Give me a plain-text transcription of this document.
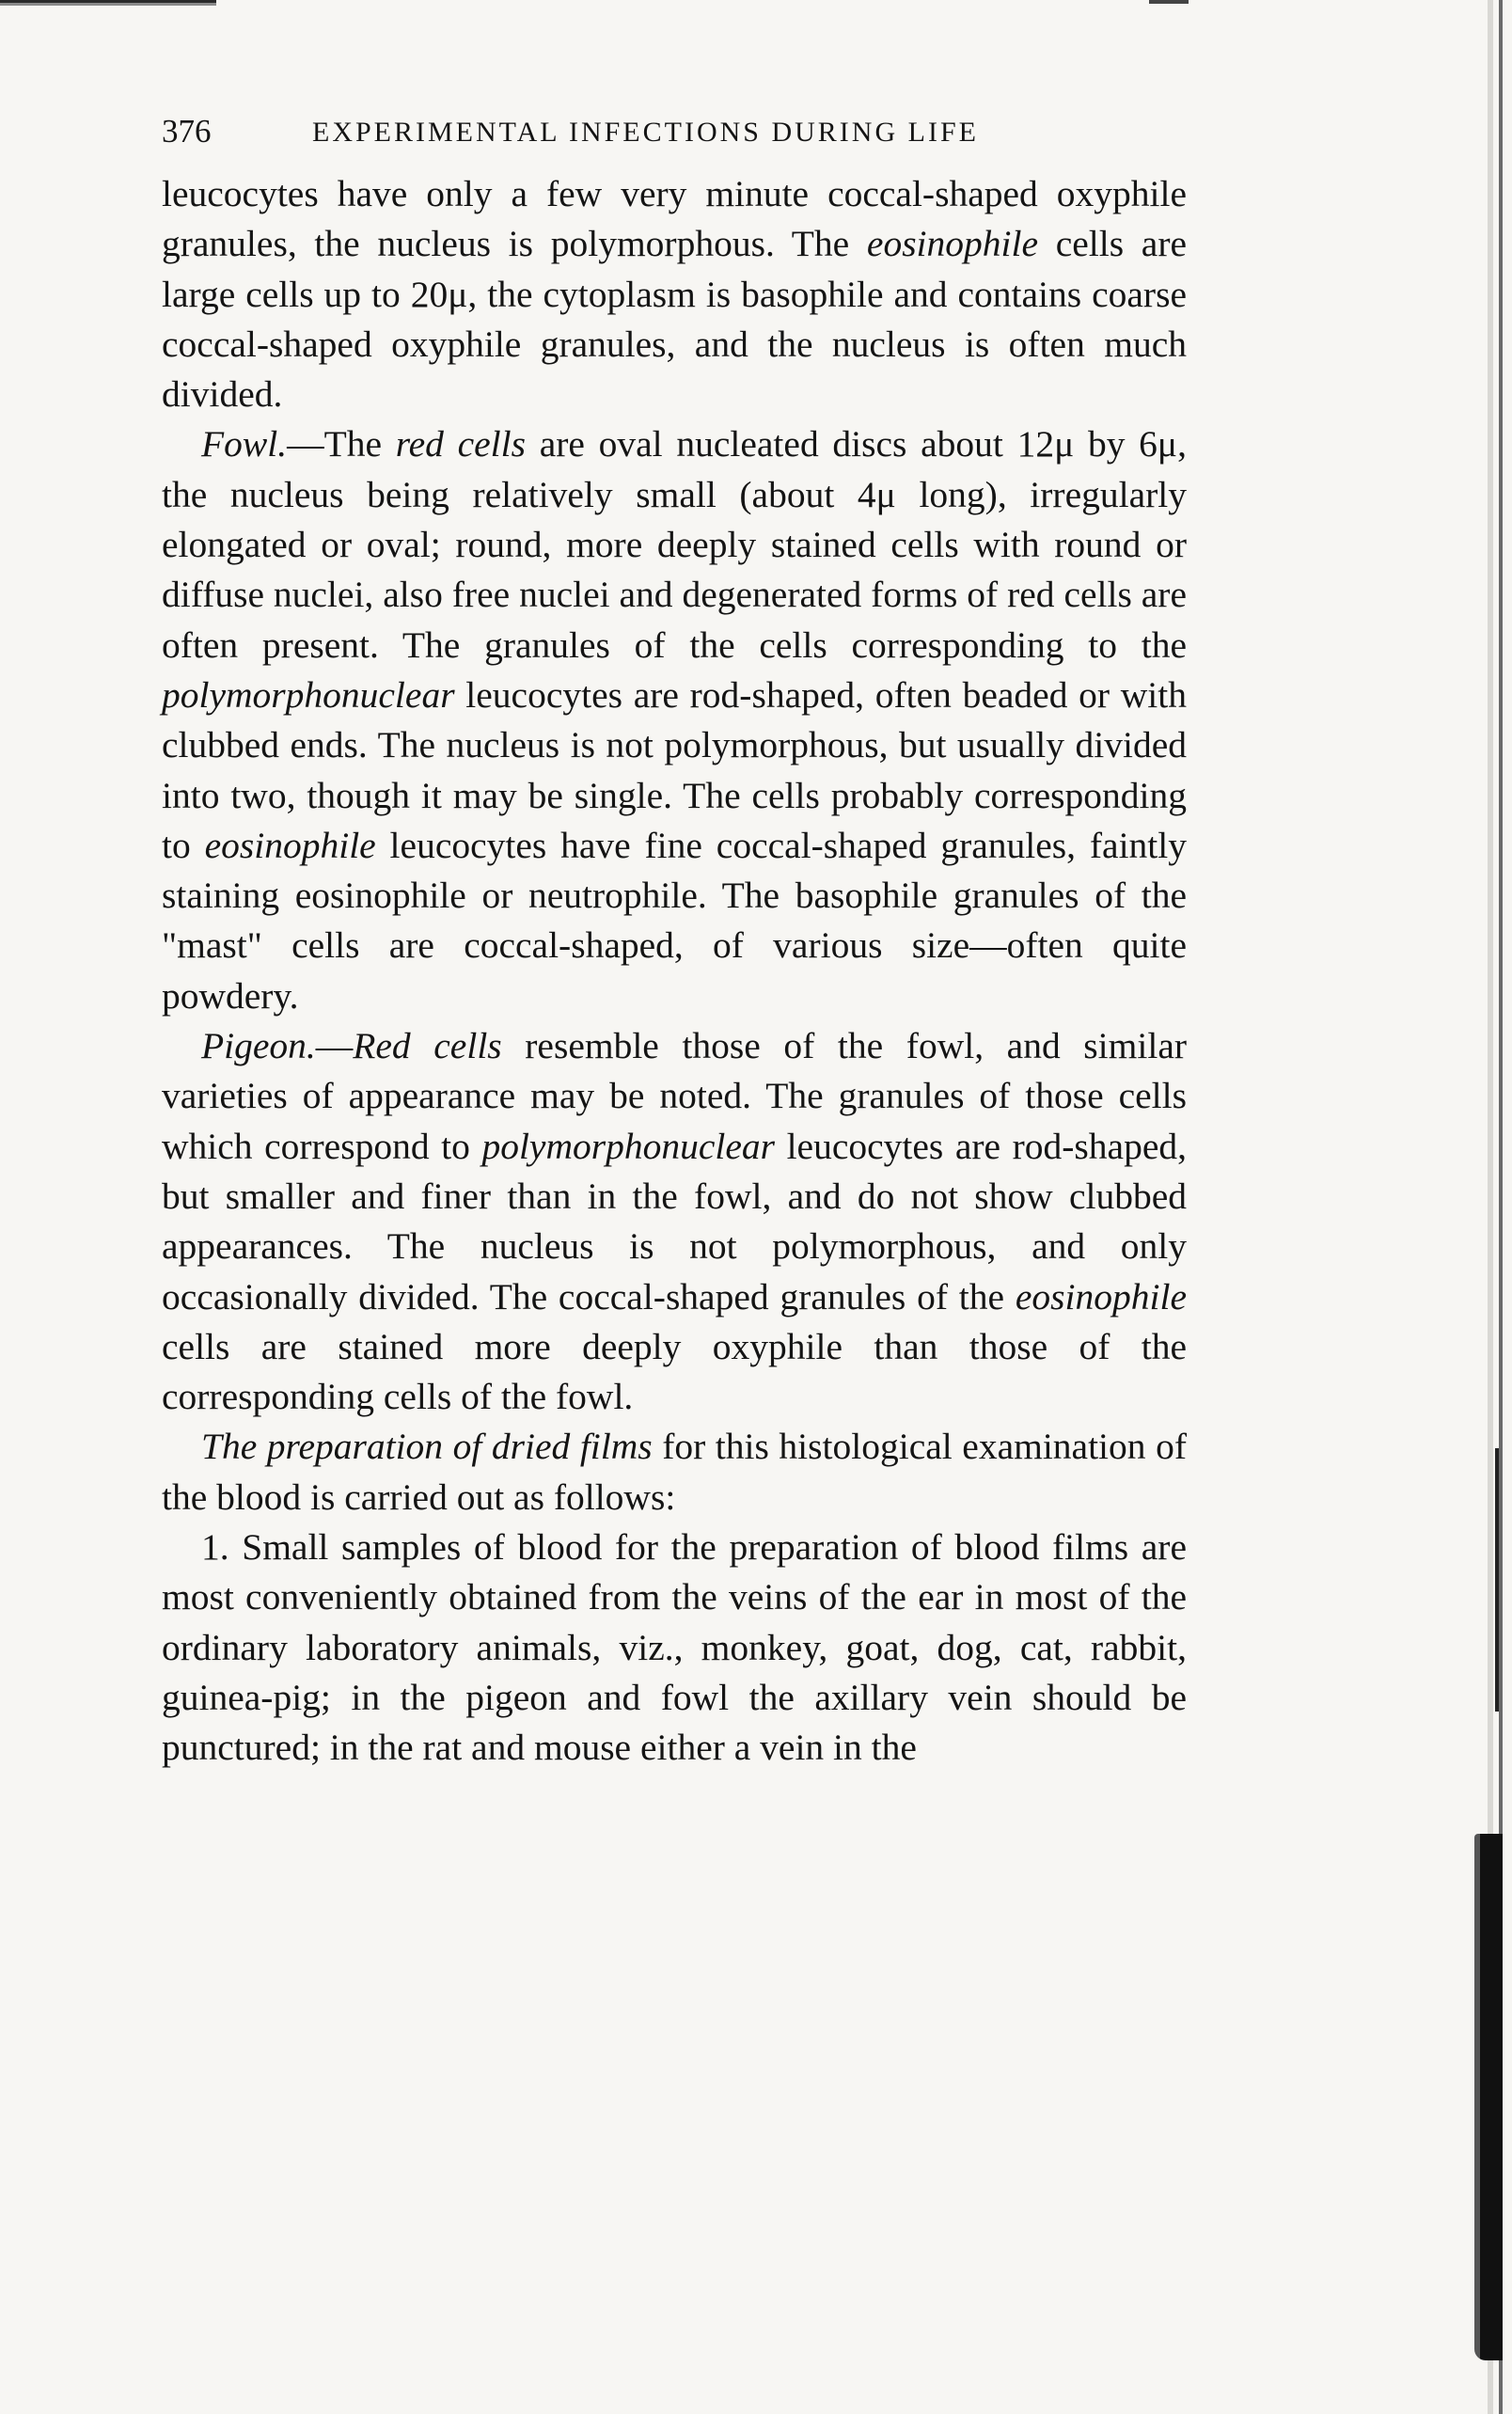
376	EXPERIMENTAL INFECTIONS DURING LIFE

leucocytes have only a few very minute coccal-shaped oxyphile granules, the nucleus is polymorphous. The eosinophile cells are large cells up to 20μ, the cytoplasm is basophile and contains coarse coccal-shaped oxyphile granules, and the nucleus is often much divided.

Fowl.—The red cells are oval nucleated discs about 12μ by 6μ, the nucleus being relatively small (about 4μ long), irregularly elongated or oval; round, more deeply stained cells with round or diffuse nuclei, also free nuclei and degenerated forms of red cells are often present. The granules of the cells corresponding to the polymorphonuclear leucocytes are rod-shaped, often beaded or with clubbed ends. The nucleus is not polymorphous, but usually divided into two, though it may be single. The cells probably corresponding to eosinophile leucocytes have fine coccal-shaped granules, faintly staining eosinophile or neutrophile. The basophile granules of the "mast" cells are coccal-shaped, of various size—often quite powdery.

Pigeon.—Red cells resemble those of the fowl, and similar varieties of appearance may be noted. The granules of those cells which correspond to polymorphonuclear leucocytes are rod-shaped, but smaller and finer than in the fowl, and do not show clubbed appearances. The nucleus is not polymorphous, and only occasionally divided. The coccal-shaped granules of the eosinophile cells are stained more deeply oxyphile than those of the corresponding cells of the fowl.

The preparation of dried films for this histological examination of the blood is carried out as follows:

1. Small samples of blood for the preparation of blood films are most conveniently obtained from the veins of the ear in most of the ordinary laboratory animals, viz., monkey, goat, dog, cat, rabbit, guinea-pig; in the pigeon and fowl the axillary vein should be punctured; in the rat and mouse either a vein in the
